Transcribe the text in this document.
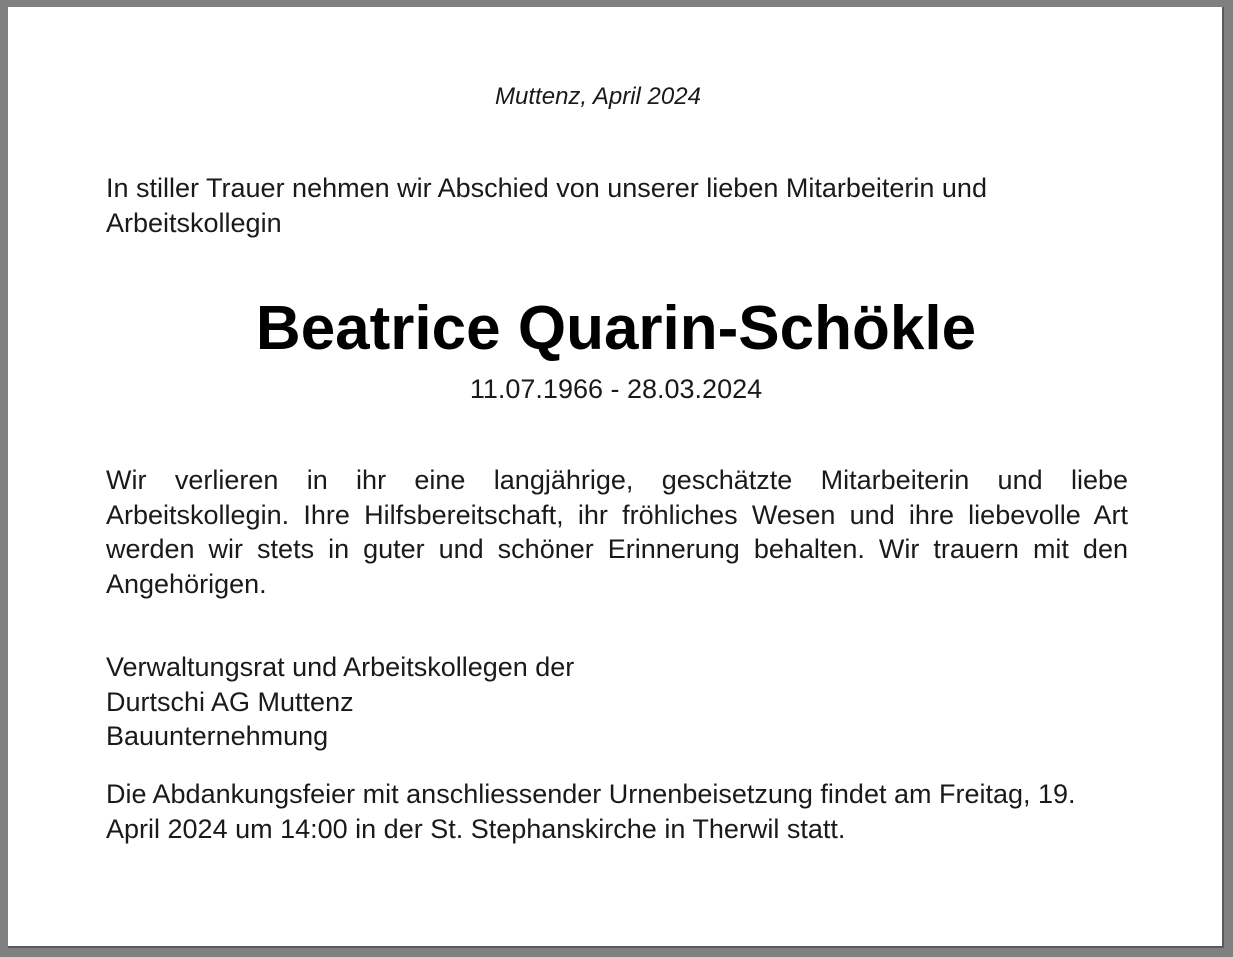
Muttenz, April 2024
In stiller Trauer nehmen wir Abschied von unserer lieben Mitarbeiterin und Arbeitskollegin
Beatrice Quarin-Schökle
11.07.1966 - 28.03.2024
Wir verlieren in ihr eine langjährige, geschätzte Mitarbeiterin und liebe Arbeitskollegin. Ihre Hilfsbereitschaft, ihr fröhliches Wesen und ihre liebevolle Art werden wir stets in guter und schöner Erinnerung behalten. Wir trauern mit den Angehörigen.
Verwaltungsrat und Arbeitskollegen der
Durtschi AG Muttenz
Bauunternehmung
Die Abdankungsfeier mit anschliessender Urnenbeisetzung findet am Freitag, 19. April 2024 um 14:00 in der St. Stephanskirche in Therwil statt.
